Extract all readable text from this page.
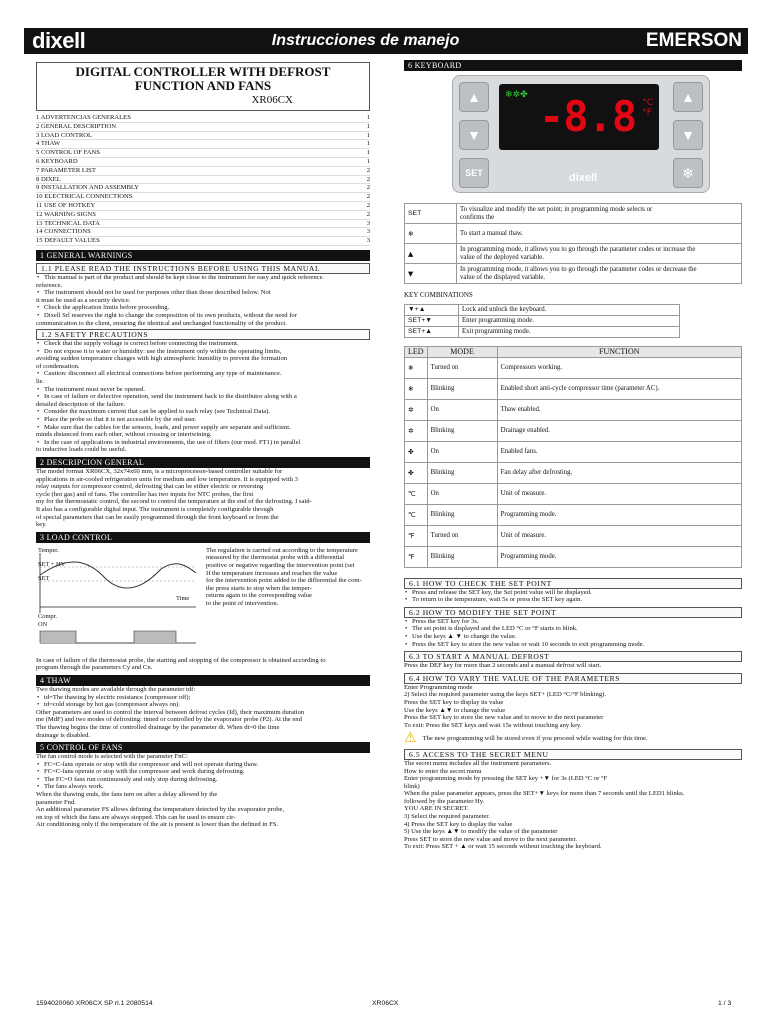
dixell	Instrucciones de manejo	EMERSON
DIGITAL CONTROLLER WITH DEFROST FUNCTION AND FANS
XR06CX
1 ADVERTENCIAS GENERALES	1
2 GENERAL DESCRIPTION	1
3 LOAD CONTROL	1
4 THAW	1
5 CONTROL OF FANS	1
6 KEYBOARD	1
7 PARAMETER LIST	2
8 DIXEL	2
9 INSTALLATION AND ASSEMBLY	2
10 ELECTRICAL CONNECTIONS	2
11 USE OF HOTKEY	2
12 WARNING SIGNS	2
13 TECHNICAL DATA	3
14 CONNECTIONS	3
15 DEFAULT VALUES	3
1 GENERAL WARNINGS
1.1 PLEASE READ THE INSTRUCTIONS BEFORE USING THIS MANUAL
• This manual is part of the product and should be kept close to the instrument for easy and quick reference.
reference.
• The instrument should not be used for purposes other than those described below. Not
it must be used as a security device.
• Check the application limits before proceeding.
• Dixell Srl reserves the right to change the composition of its own products, without the need for
communication to the client, ensuring the identical and unchanged functionality of the product.
1.2 SAFETY PRECAUTIONS
• Check that the supply voltage is correct before connecting the instrument.
• Do not expose it to water or humidity: use the instrument only within the operating limits,
avoiding sudden temperature changes with high atmospheric humidity to prevent the formation
of condensation.
• Caution: disconnect all electrical connections before performing any type of maintenance.
lie.
• The instrument must never be opened.
• In case of failure or defective operation, send the instrument back to the distributor along with a
detailed description of the failure.
• Consider the maximum current that can be applied to each relay (see Technical Data).
• Place the probe so that it is not accessible by the end user.
• Make sure that the cables for the sensors, loads, and power supply are separate and sufficient.
minds distanced from each other, without crossing or intertwining.
• In the case of applications in industrial environments, the use of filters (our mod. FT1) in parallel
to inductive loads could be useful.
2 DESCRIPCION GENERAL
The model format XR06CX, 32x74x60 mm, is a microprocessor-based controller suitable for
applications in air-cooled refrigeration units for medium and low temperature. It is equipped with 3
relay outputs for compressor control, defrosting that can be either electric or reversing
cycle (hot gas) and of fans. The controller has two inputs for NTC probes, the first
my for the thermostatic control, the second to control the temperature at the end of the defrosting. I said-
It also has a configurable digital input. The instrument is completely configurable through
of special parameters that can be easily programmed through the front keyboard or from the
key.
3 LOAD CONTROL
Temper.
SET + HY
SET
Time
Compr.
ON
The regulation is carried out according to the temperature
measured by the thermostat probe with a differential
positive or negative regarding the intervention point (set
If the temperature increases and reaches the value
for the intervention point added to the differential the com-
the press starts to stop when the temper-
returns again to the corresponding value
to the point of intervention.
In case of failure of the thermostat probe, the starting and stopping of the compressor is obtained according to
program through the parameters Cy and Cn.
4 THAW
Two thawing modes are available through the parameter tdf:
• td=The thawing by electric resistance (compressor off);
• td=cold storage by hot gas (compressor always on).
Other parameters are used to control the interval between defrost cycles (Id), their maximum duration
me (MdF) and two modes of defrosting: timed or controlled by the evaporator probe (P2). At the end
The thawing begins the time of controlled drainage by the parameter dt. When dt=0 the time
drainage is disabled.
5 CONTROL OF FANS
The fan control mode is selected with the parameter FnC:
• FC=C-fans operate or stop with the compressor and will not operate during thaw.
• FC=C-fans operate or stop with the compressor and work during defrosting.
• The FC=O fans run continuously and only stop during defrosting.
• The fans always work.
When the thawing ends, the fans turn on after a delay allowed by the
parameter Fnd.
An additional parameter FS allows defining the temperature detected by the evaporator probe,
on top of which the fans are always stopped. This can be used to ensure cir-
Air conditioning only if the temperature of the air is present is lower than the defined in FS.
6 KEYBOARD
▲
▼
SET
▲
▼
❄
❄✲✤ -8.8 °C
°F
dixell
SET	To visualize and modify the set point; in programming mode selects or
confirms the

❄	To start a manual thaw.

▲	In programming mode, it allows you to go through the parameter codes or increase the
value of the deployed variable.

▼	In programming mode, it allows you to go through the parameter codes or decrease the
value of the displayed variable.
KEY COMBINATIONS
▼+▲	Lock and unlock the keyboard.
SET+▼	Enter programming mode.
SET+▲	Exit programming mode.
LED	MODE	FUNCTION
❄	Turned on	Compressors working.
❄	Blinking	Enabled short anti-cycle compressor time (parameter AC).
✲	On	Thaw enabled.
✲	Blinking	Drainage enabled.
✤	On	Enabled fans.
✤	Blinking	Fan delay after defrosting.
℃	On	Unit of measure.
℃	Blinking	Programming mode.
℉	Turned on	Unit of measure.
℉	Blinking	Programming mode.
6.1 HOW TO CHECK THE SET POINT
• Press and release the SET key, the Set point value will be displayed.
• To return to the temperature, wait 5s or press the SET key again.
6.2 HOW TO MODIFY THE SET POINT
• Press the SET key for 3s.
• The set point is displayed and the LED °C or °F starts to blink.
• Use the keys ▲ ▼ to change the value.
• Press the SET key to store the new value or wait 10 seconds to exit programming mode.
6.3 TO START A MANUAL DEFROST
Press the DEF key for more than 2 seconds and a manual defrost will start.
6.4 HOW TO VARY THE VALUE OF THE PARAMETERS
Enter Programming mode
2) Select the required parameter using the keys SET+ (LED °C/°F blinking).
Press the SET key to display its value
Use the keys ▲▼ to change the value
Press the SET key to store the new value and to move to the next parameter
To exit: Press the SET keys and wait 15s without touching any key.
⚠ The new programming will be stored even if you proceed while waiting for this time.
6.5 ACCESS TO THE SECRET MENU
The secret menu includes all the instrument parameters.
How to enter the secret menu
Enter programming mode by pressing the SET key +▼ for 3s (LED °C or °F
blink)
When the pulse parameter appears, press the SET+▼ keys for more than 7 seconds until the LED1 blinks.
followed by the parameter Hy.
YOU ARE IN SECRET.
3) Select the required parameter.
4) Press the SET key to display the value
5) Use the keys ▲▼ to modify the value of the parameter
Press SET to store the new value and move to the next parameter.
To exit: Press SET + ▲ or wait 15 seconds without touching the keyboard.
1594020060 XR06CX SP rl.1 2080514	XR06CX	1 / 3
